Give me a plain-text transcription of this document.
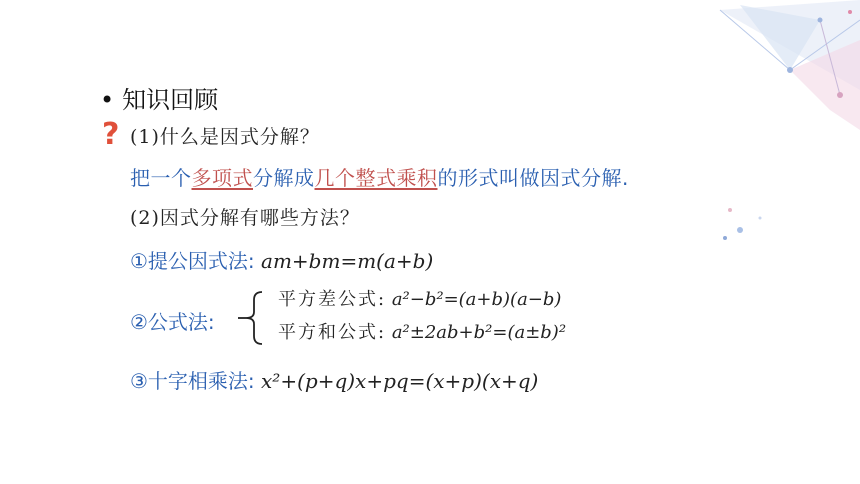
• 知识回顾
? (1)什么是因式分解？
把一个多项式分解成几个整式乘积的形式叫做因式分解.
(2)因式分解有哪些方法？
①提公因式法: am+bm=m(a+b)
②公式法:
平方差公式: a²−b²=(a+b)(a−b)
平方和公式: a²±2ab+b²=(a±b)²
③十字相乘法: x²+(p+q)x+pq=(x+p)(x+q)
